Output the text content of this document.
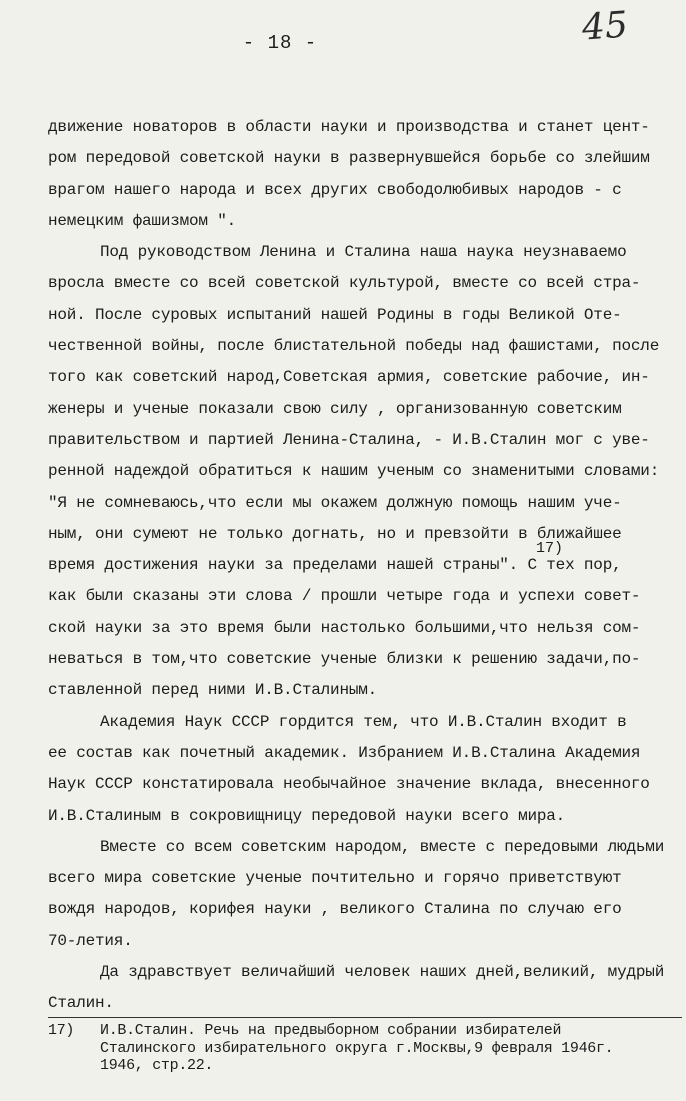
- 18 -	45
движение новаторов в области науки и производства и станет цент-
ром передовой советской науки в развернувшейся борьбе со злейшим
врагом нашего народа и всех других свободолюбивых народов - с
немецким фашизмом ".
Под руководством Ленина и Сталина наша наука неузнаваемо
вросла вместе со всей советской культурой, вместе со всей стра-
ной. После суровых испытаний нашей Родины в годы Великой Оте-
чественной войны, после блистательной победы над фашистами, после
того как советский народ,Советская армия, советские рабочие, ин-
женеры и ученые показали свою силу , организованную советским
правительством и партией Ленина-Сталина, - И.В.Сталин мог с уве-
ренной надеждой обратиться к нашим ученым со знаменитыми словами:
"Я не сомневаюсь,что если мы окажем должную помощь нашим уче-
ным, они сумеют не только догнать, но и превзойти в ближайшее
время достижения науки за пределами нашей страны". С тех пор,
как были сказаны эти слова / прошли четыре года и успехи совет-
ской науки за это время были настолько большими,что нельзя сом-
неваться в том,что советские ученые близки к решению задачи,по-
ставленной перед ними И.В.Сталиным.
Академия Наук СССР гордится тем, что И.В.Сталин входит в
ее состав как почетный академик. Избранием И.В.Сталина Академия
Наук СССР констатировала необычайное значение вклада, внесенного
И.В.Сталиным в сокровищницу передовой науки всего мира.
Вместе со всем советским народом, вместе с передовыми людьми
всего мира советские ученые почтительно и горячо приветствуют
вождя народов, корифея науки , великого Сталина по случаю его
70-летия.
Да здравствует величайший человек наших дней,великий, мудрый
Сталин.
17)
17) И.В.Сталин. Речь на предвыборном собрании избирателей
Сталинского избирательного округа г.Москвы,9 февраля 1946г.
1946, стр.22.
